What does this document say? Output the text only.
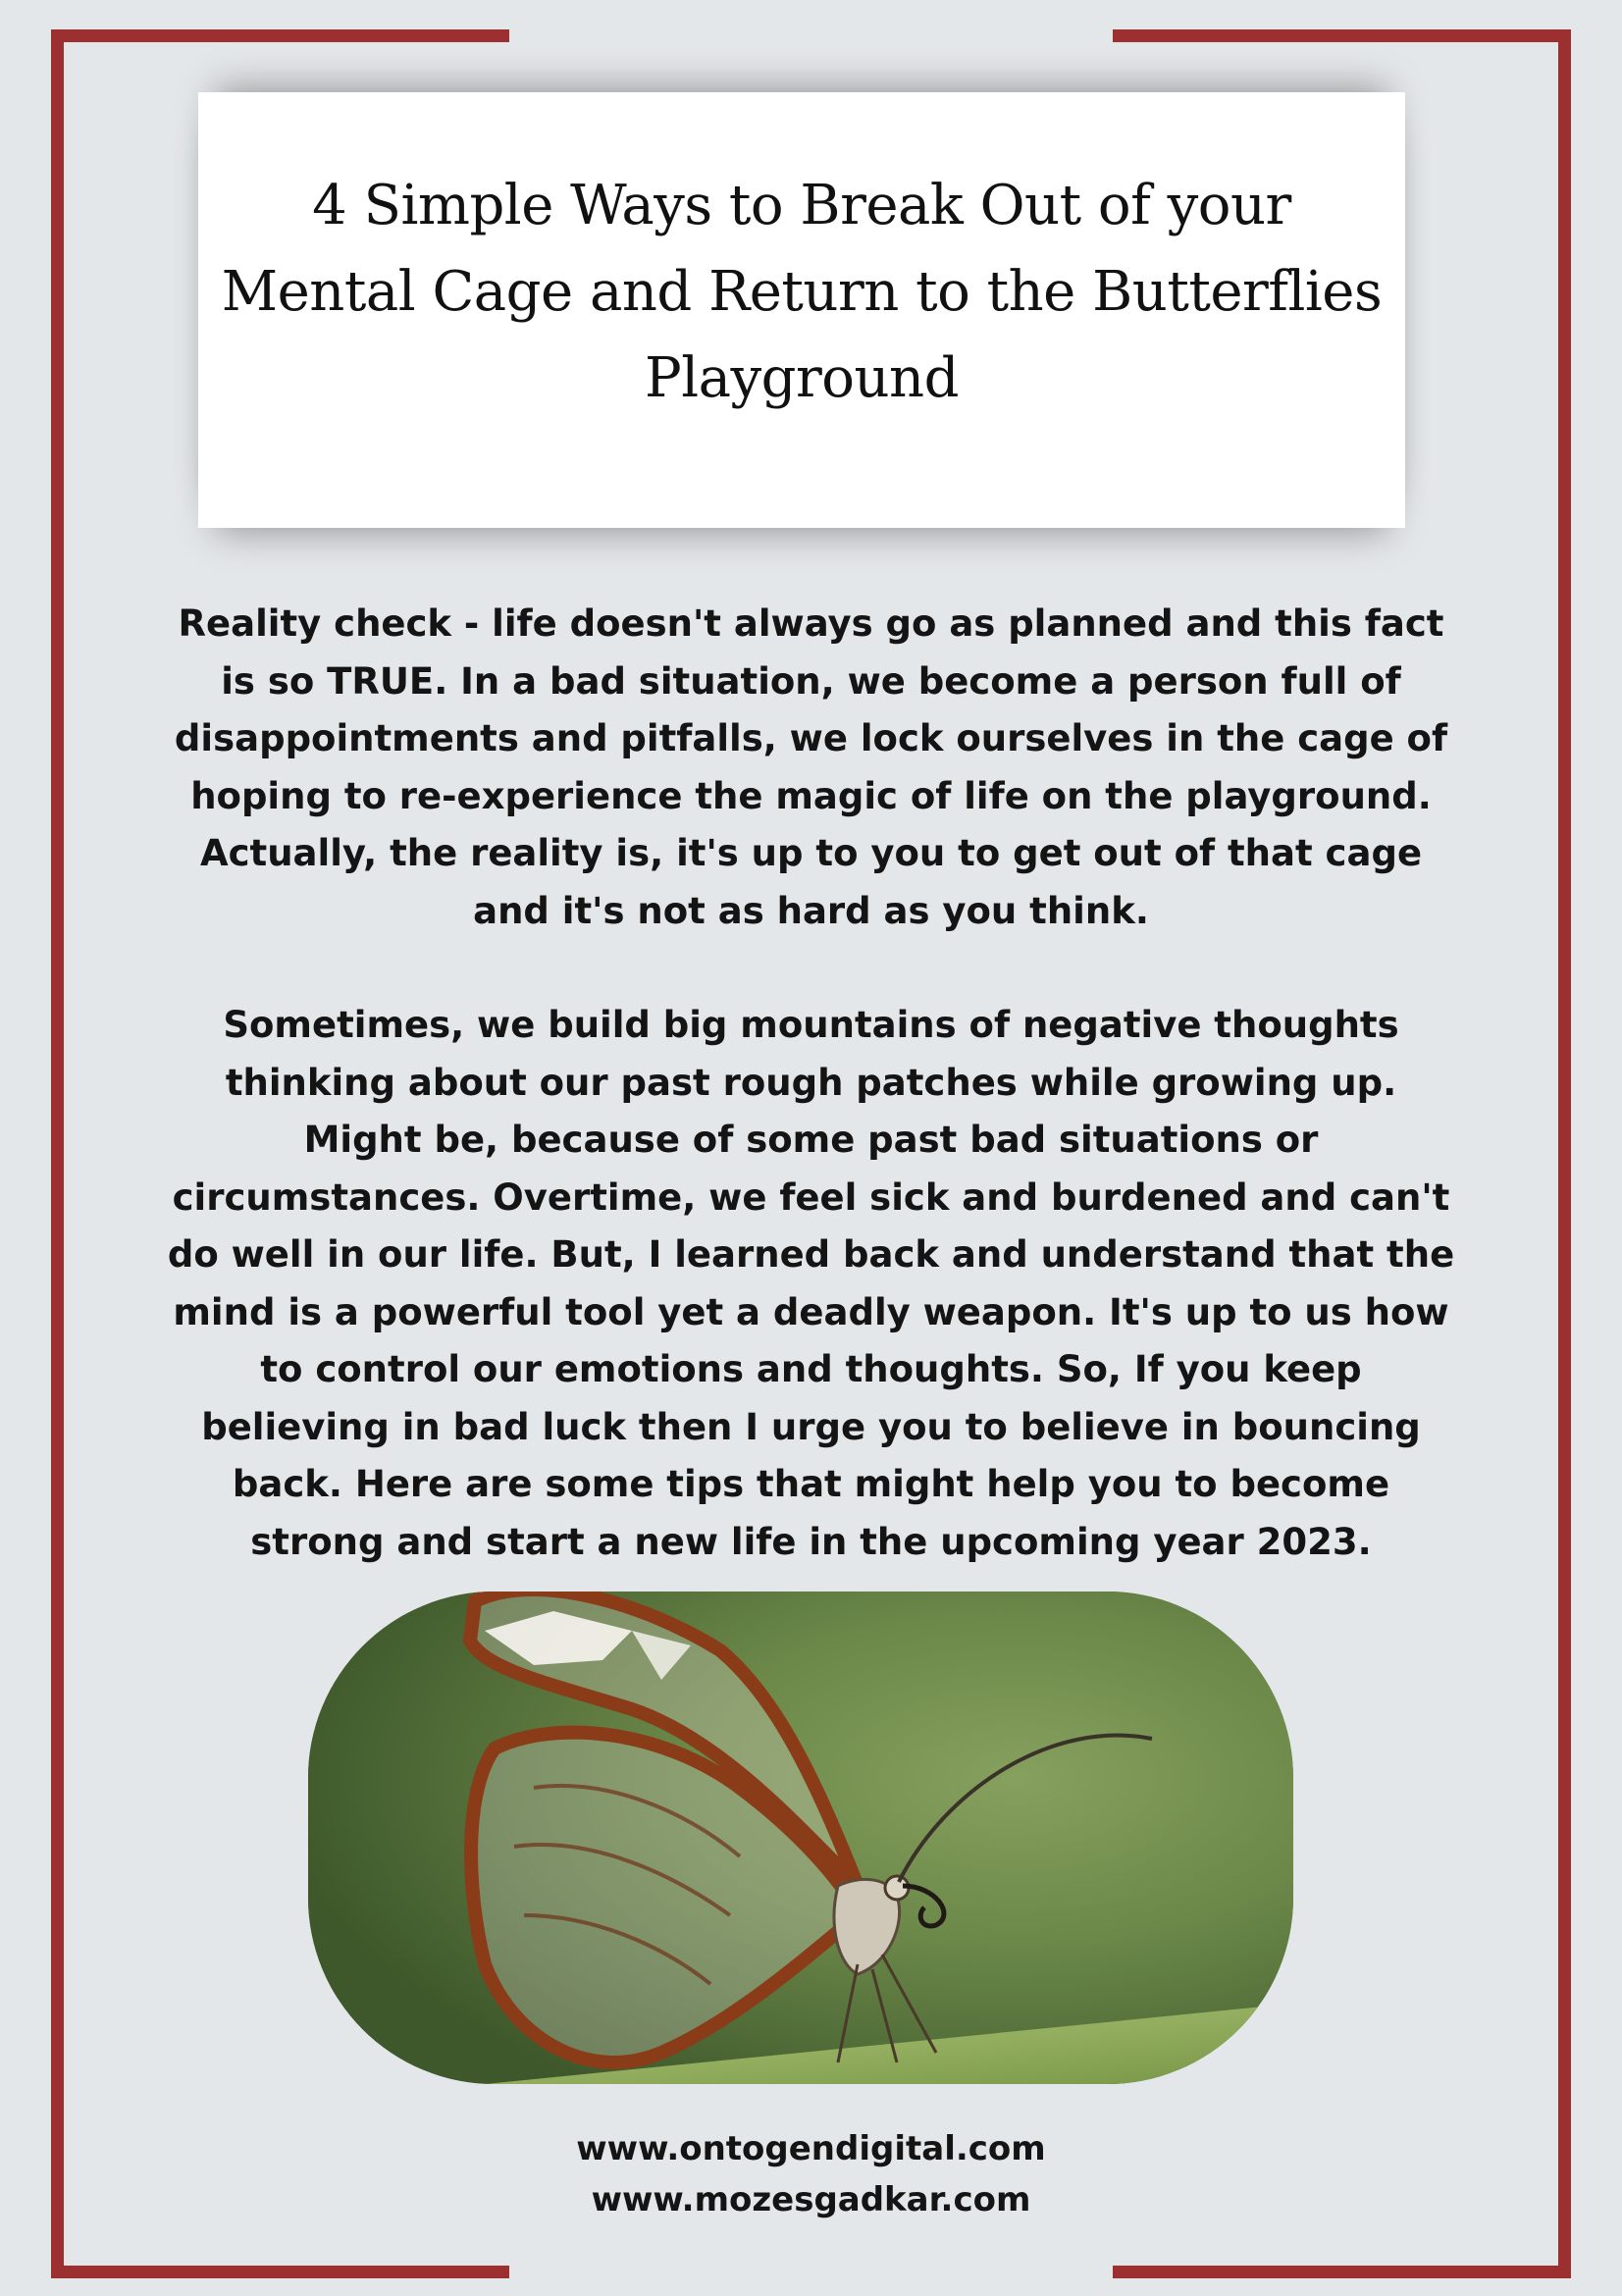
4 Simple Ways to Break Out of your Mental Cage and Return to the Butterflies Playground

Reality check - life doesn't always go as planned and this fact is so TRUE. In a bad situation, we become a person full of disappointments and pitfalls, we lock ourselves in the cage of hoping to re-experience the magic of life on the playground. Actually, the reality is, it's up to you to get out of that cage and it's not as hard as you think.

Sometimes, we build big mountains of negative thoughts thinking about our past rough patches while growing up. Might be, because of some past bad situations or circumstances. Overtime, we feel sick and burdened and can't do well in our life. But, I learned back and understand that the mind is a powerful tool yet a deadly weapon. It's up to us how to control our emotions and thoughts. So, If you keep believing in bad luck then I urge you to believe in bouncing back. Here are some tips that might help you to become strong and start a new life in the upcoming year 2023.

www.ontogendigital.com

www.mozesgadkar.com
